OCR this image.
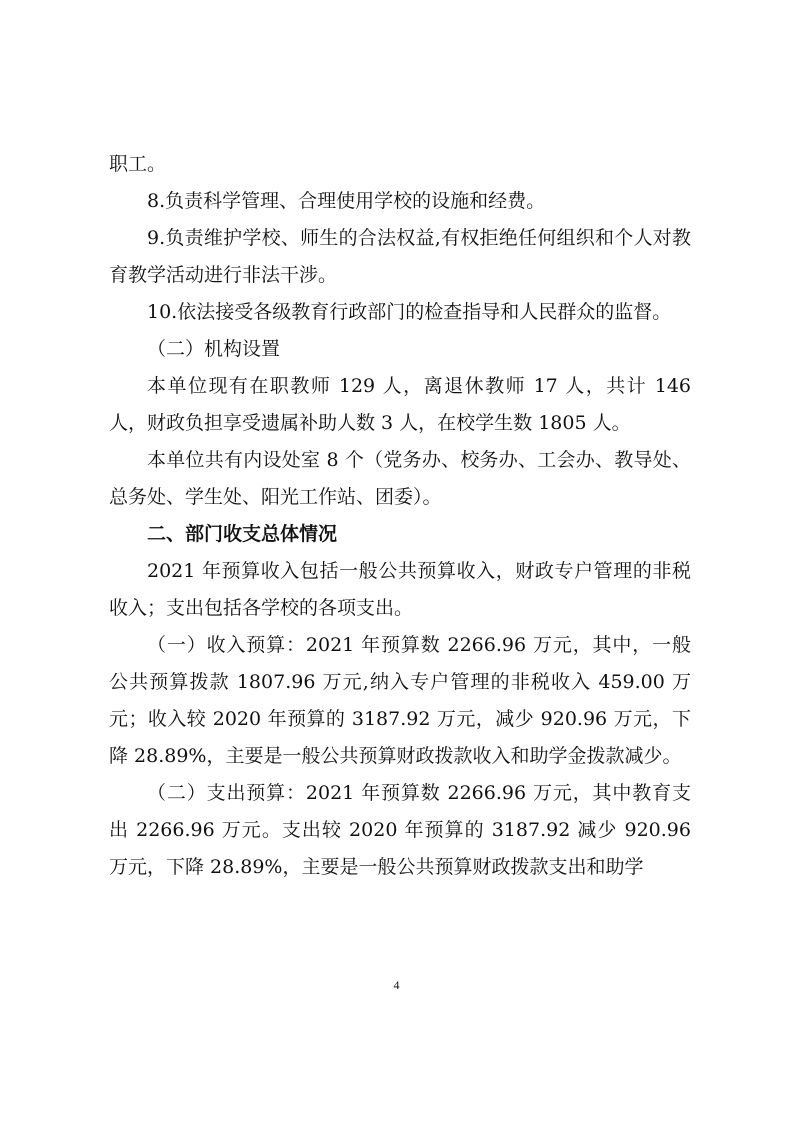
职工。

8.负责科学管理、合理使用学校的设施和经费。

9.负责维护学校、师生的合法权益,有权拒绝任何组织和个人对教育教学活动进行非法干涉。

10.依法接受各级教育行政部门的检查指导和人民群众的监督。

（二）机构设置

本单位现有在职教师 129 人，离退休教师 17 人，共计 146 人，财政负担享受遗属补助人数 3 人，在校学生数 1805 人。

本单位共有内设处室 8 个（党务办、校务办、工会办、教导处、总务处、学生处、阳光工作站、团委）。

二、部门收支总体情况

2021 年预算收入包括一般公共预算收入，财政专户管理的非税收入；支出包括各学校的各项支出。

（一）收入预算：2021 年预算数 2266.96 万元，其中，一般公共预算拨款 1807.96 万元,纳入专户管理的非税收入 459.00 万元；收入较 2020 年预算的 3187.92 万元，减少 920.96 万元，下降 28.89%，主要是一般公共预算财政拨款收入和助学金拨款减少。

（二）支出预算：2021 年预算数 2266.96 万元，其中教育支出 2266.96 万元。支出较 2020 年预算的 3187.92 减少 920.96 万元，下降 28.89%，主要是一般公共预算财政拨款支出和助学

4
